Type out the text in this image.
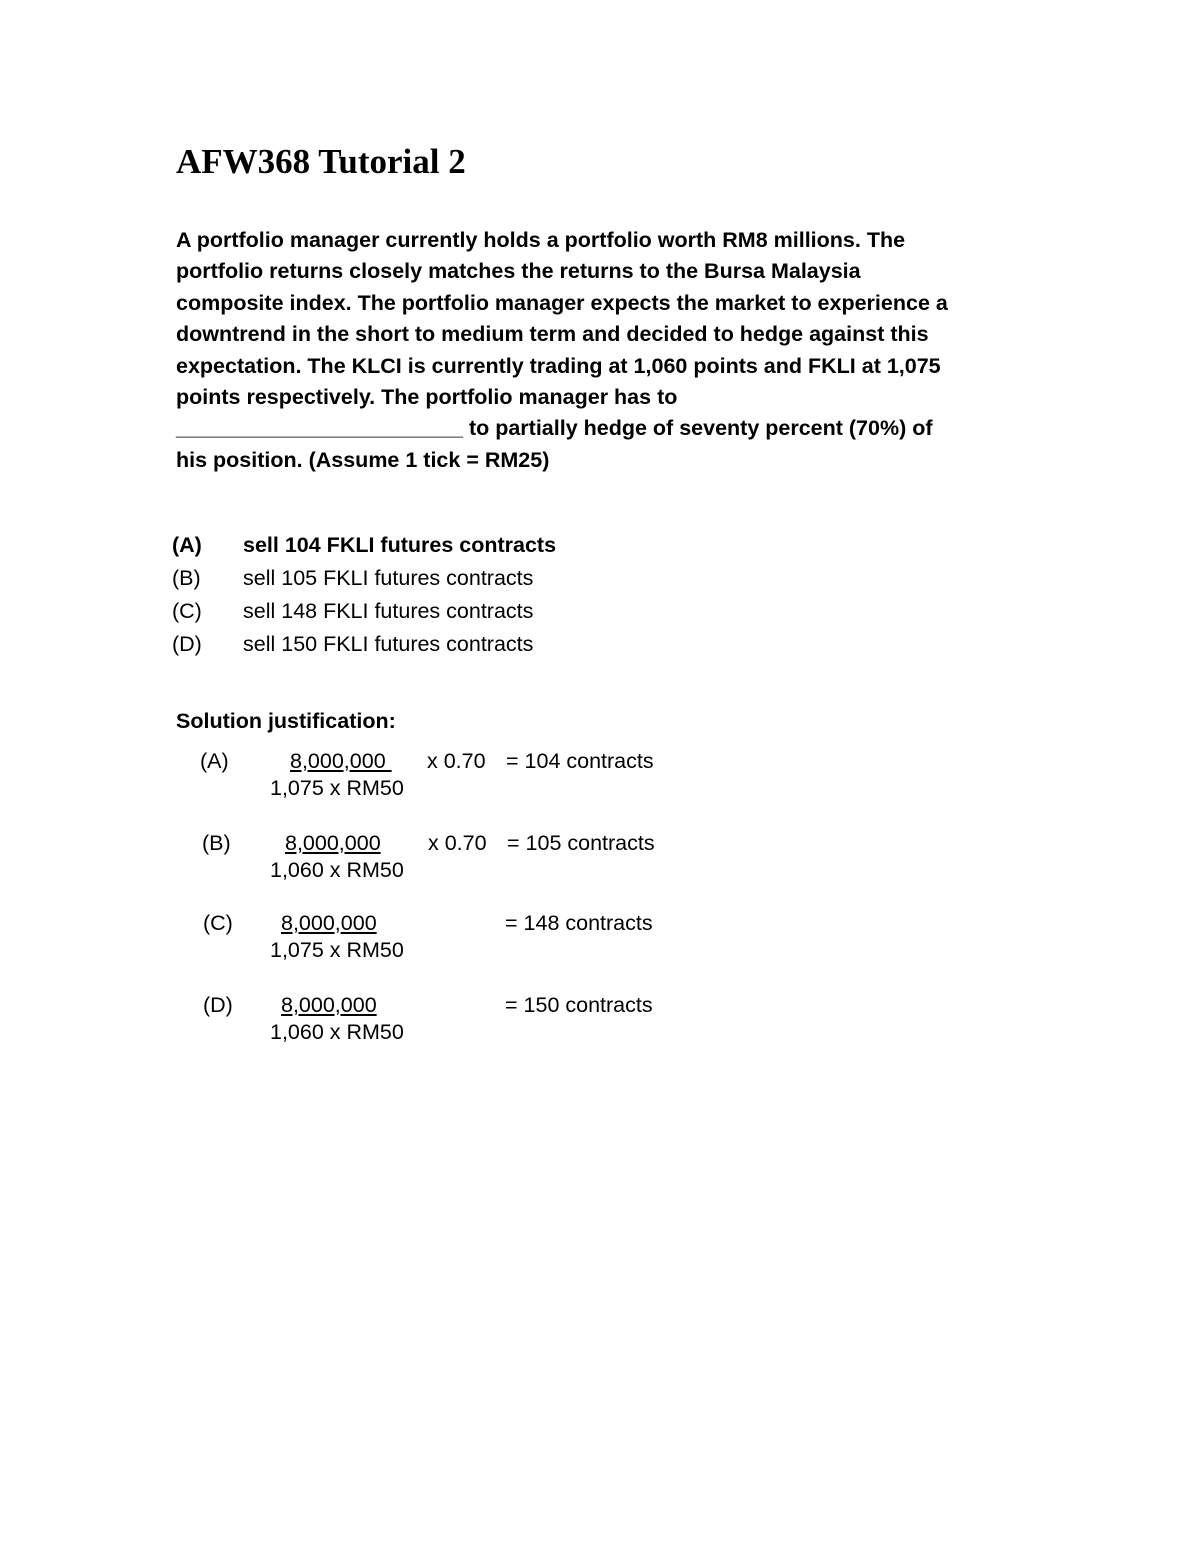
AFW368 Tutorial 2
A portfolio manager currently holds a portfolio worth RM8 millions. The
portfolio returns closely matches the returns to the Bursa Malaysia
composite index. The portfolio manager expects the market to experience a
downtrend in the short to medium term and decided to hedge against this
expectation. The KLCI is currently trading at 1,060 points and FKLI at 1,075
points respectively. The portfolio manager has to
________________________ to partially hedge of seventy percent (70%) of
his position. (Assume 1 tick = RM25)
(A) sell 104 FKLI futures contracts
(B) sell 105 FKLI futures contracts
(C) sell 148 FKLI futures contracts
(D) sell 150 FKLI futures contracts
Solution justification:
(A)	8,000,000 x 0.70 = 104 contracts
1,075 x RM50
(B)	8,000,000 x 0.70 = 105 contracts
1,060 x RM50
(C) 8,000,000	= 148 contracts
1,075 x RM50
(D) 8,000,000	= 150 contracts
1,060 x RM50
